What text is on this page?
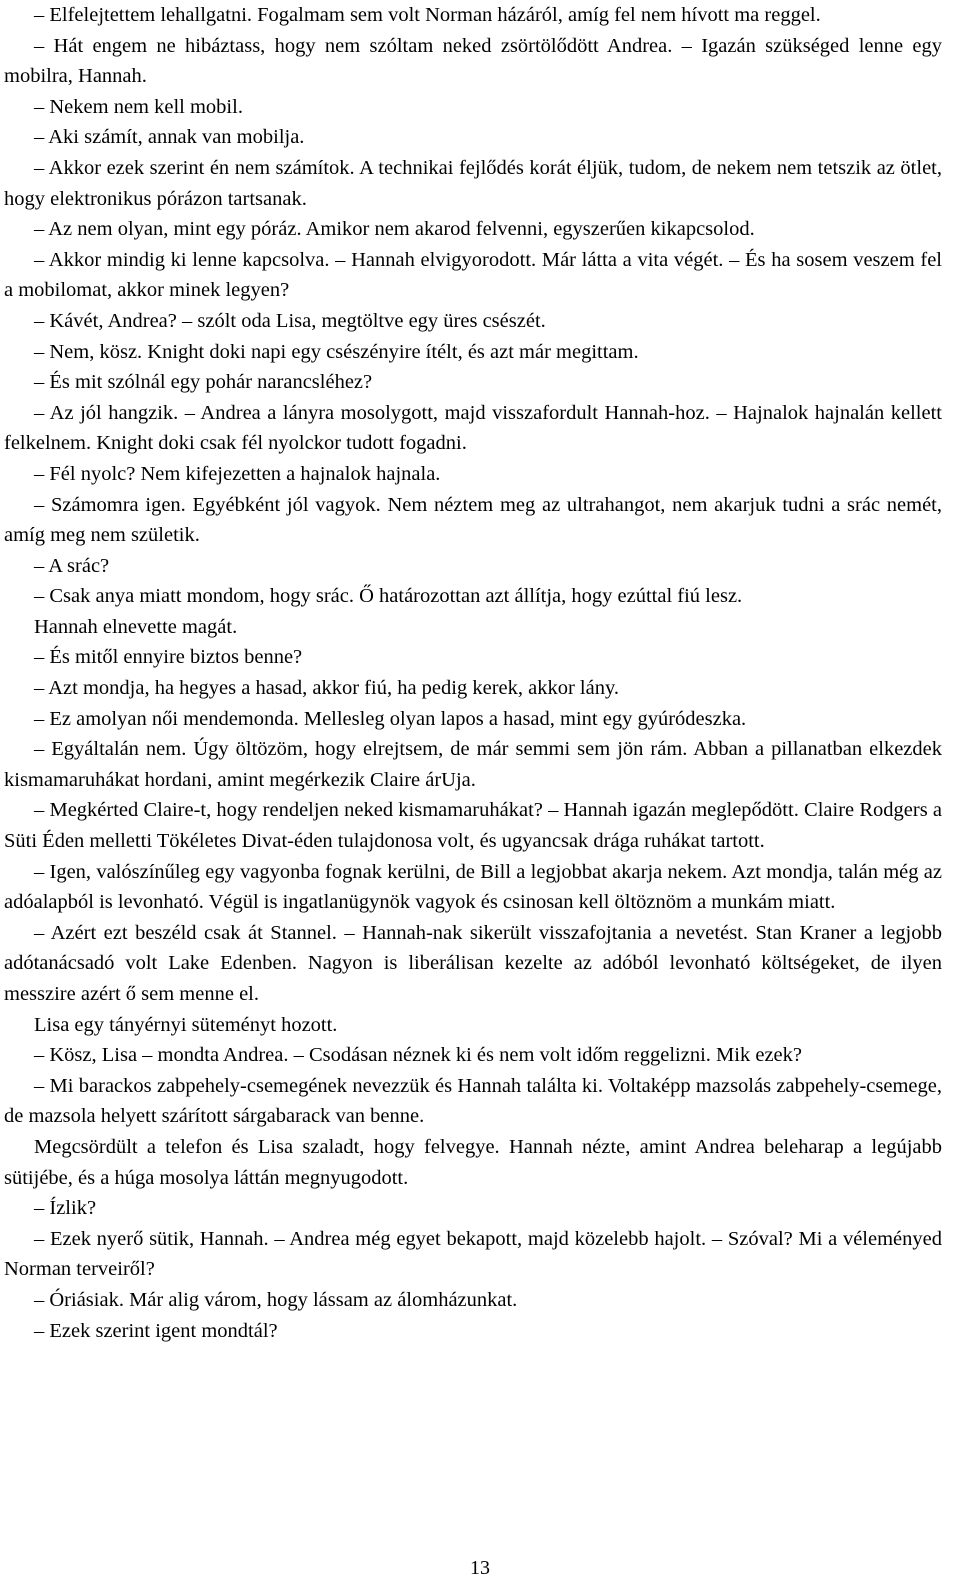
– Elfelejtettem lehallgatni. Fogalmam sem volt Norman házáról, amíg fel nem hívott ma reggel.

– Hát engem ne hibáztass, hogy nem szóltam neked zsörtölődött Andrea. – Igazán szükséged lenne egy mobilra, Hannah.

– Nekem nem kell mobil.

– Aki számít, annak van mobilja.

– Akkor ezek szerint én nem számítok. A technikai fejlődés korát éljük, tudom, de nekem nem tetszik az ötlet, hogy elektronikus pórázon tartsanak.

– Az nem olyan, mint egy póráz. Amikor nem akarod felvenni, egyszerűen kikapcsolod.

– Akkor mindig ki lenne kapcsolva. – Hannah elvigyorodott. Már látta a vita végét. – És ha sosem veszem fel a mobilomat, akkor minek legyen?

– Kávét, Andrea? – szólt oda Lisa, megtöltve egy üres csészét.

– Nem, kösz. Knight doki napi egy csészényire ítélt, és azt már megittam.

– És mit szólnál egy pohár narancsléhez?

– Az jól hangzik. – Andrea a lányra mosolygott, majd visszafordult Hannah-hoz. – Hajnalok hajnalán kellett felkelnem. Knight doki csak fél nyolckor tudott fogadni.

– Fél nyolc? Nem kifejezetten a hajnalok hajnala.

– Számomra igen. Egyébként jól vagyok. Nem néztem meg az ultrahangot, nem akarjuk tudni a srác nemét, amíg meg nem születik.

– A srác?

– Csak anya miatt mondom, hogy srác. Ő határozottan azt állítja, hogy ezúttal fiú lesz.

Hannah elnevette magát.

– És mitől ennyire biztos benne?

– Azt mondja, ha hegyes a hasad, akkor fiú, ha pedig kerek, akkor lány.

– Ez amolyan női mendemonda. Mellesleg olyan lapos a hasad, mint egy gyúródeszka.

– Egyáltalán nem. Úgy öltözöm, hogy elrejtsem, de már semmi sem jön rám. Abban a pillanatban elkezdek kismamaruhákat hordani, amint megérkezik Claire árUja.

– Megkérted Claire-t, hogy rendeljen neked kismamaruhákat? – Hannah igazán meglepődött. Claire Rodgers a Süti Éden melletti Tökéletes Divat-éden tulajdonosa volt, és ugyancsak drága ruhákat tartott.

– Igen, valószínűleg egy vagyonba fognak kerülni, de Bill a legjobbat akarja nekem. Azt mondja, talán még az adóalapból is levonható. Végül is ingatlanügynök vagyok és csinosan kell öltöznöm a munkám miatt.

– Azért ezt beszéld csak át Stannel. – Hannah-nak sikerült visszafojtania a nevetést. Stan Kraner a legjobb adótanácsadó volt Lake Edenben. Nagyon is liberálisan kezelte az adóból levonható költségeket, de ilyen messzire azért ő sem menne el.

Lisa egy tányérnyi süteményt hozott.

– Kösz, Lisa – mondta Andrea. – Csodásan néznek ki és nem volt időm reggelizni. Mik ezek?

– Mi barackos zabpehely-csemegének nevezzük és Hannah találta ki. Voltaképp mazsolás zabpehely-csemege, de mazsola helyett szárított sárgabarack van benne.

Megcsördült a telefon és Lisa szaladt, hogy felvegye. Hannah nézte, amint Andrea beleharap a legújabb sütijébe, és a húga mosolya láttán megnyugodott.

– Ízlik?

– Ezek nyerő sütik, Hannah. – Andrea még egyet bekapott, majd közelebb hajolt. – Szóval? Mi a véleményed Norman terveiről?

– Óriásiak. Már alig várom, hogy lássam az álomházunkat.

– Ezek szerint igent mondtál?

13
